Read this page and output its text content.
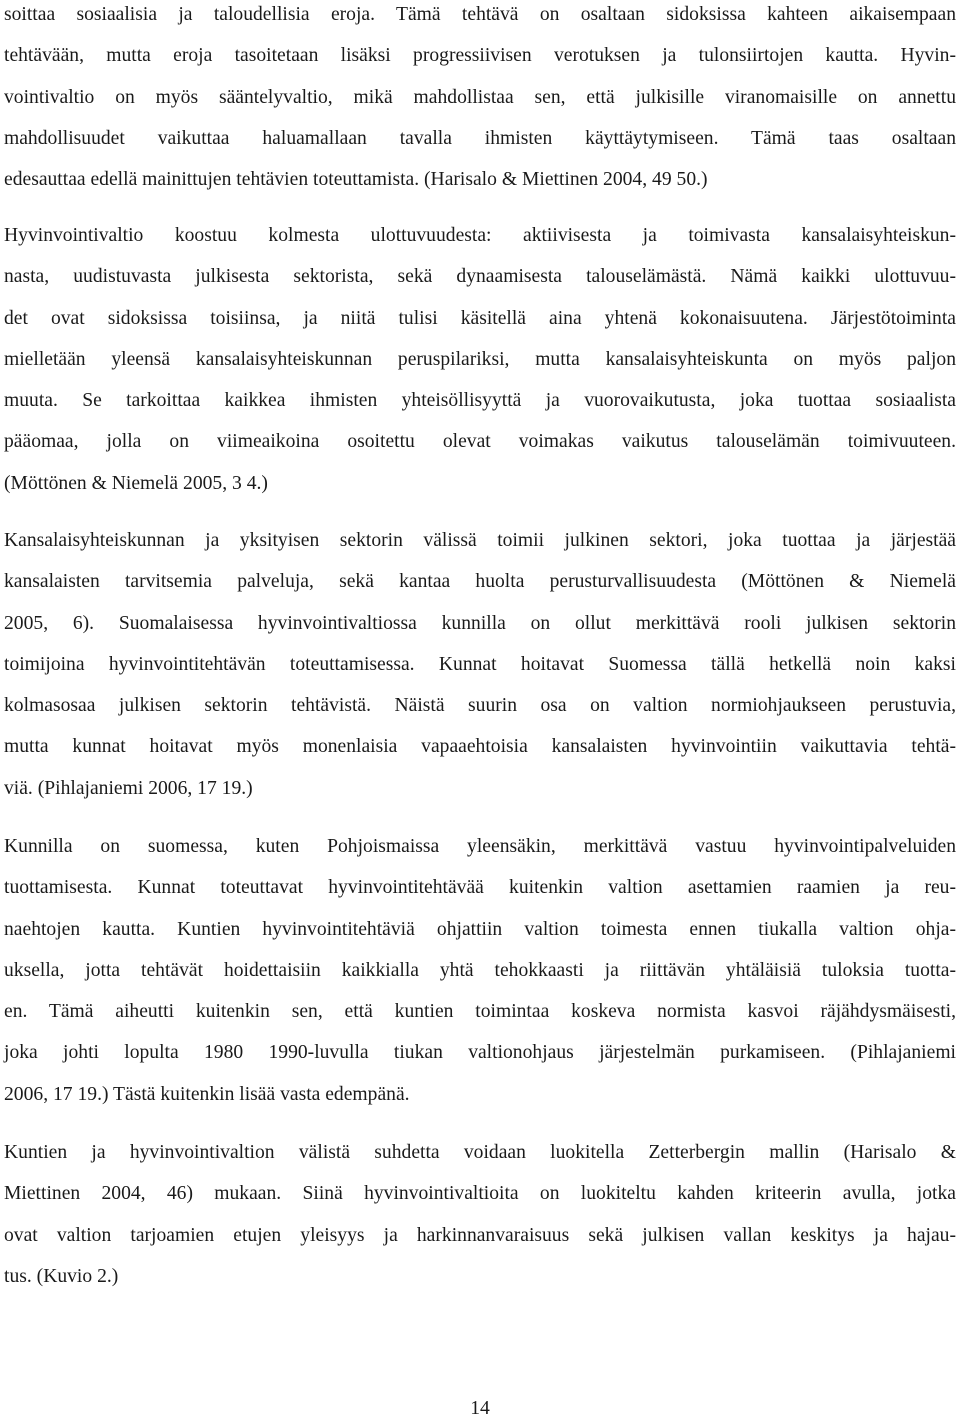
soittaa sosiaalisia ja taloudellisia eroja. Tämä tehtävä on osaltaan sidoksissa kahteen aikaisempaan
tehtävään, mutta eroja tasoitetaan lisäksi progressiivisen verotuksen ja tulonsiirtojen kautta. Hyvin-
vointivaltio on myös sääntelyvaltio, mikä mahdollistaa sen, että julkisille viranomaisille on annettu
mahdollisuudet vaikuttaa haluamallaan tavalla ihmisten käyttäytymiseen. Tämä taas osaltaan
edesauttaa edellä mainittujen tehtävien toteuttamista. (Harisalo & Miettinen 2004, 49 50.)
Hyvinvointivaltio koostuu kolmesta ulottuvuudesta: aktiivisesta ja toimivasta kansalaisyhteiskun-
nasta, uudistuvasta julkisesta sektorista, sekä dynaamisesta talouselämästä. Nämä kaikki ulottuvuu-
det ovat sidoksissa toisiinsa, ja niitä tulisi käsitellä aina yhtenä kokonaisuutena. Järjestötoiminta
mielletään yleensä kansalaisyhteiskunnan peruspilariksi, mutta kansalaisyhteiskunta on myös paljon
muuta. Se tarkoittaa kaikkea ihmisten yhteisöllisyyttä ja vuorovaikutusta, joka tuottaa sosiaalista
pääomaa, jolla on viimeaikoina osoitettu olevat voimakas vaikutus talouselämän toimivuuteen.
(Möttönen & Niemelä 2005, 3 4.)
Kansalaisyhteiskunnan ja yksityisen sektorin välissä toimii julkinen sektori, joka tuottaa ja järjestää
kansalaisten tarvitsemia palveluja, sekä kantaa huolta perusturvallisuudesta (Möttönen & Niemelä
2005, 6). Suomalaisessa hyvinvointivaltiossa kunnilla on ollut merkittävä rooli julkisen sektorin
toimijoina hyvinvointitehtävän toteuttamisessa. Kunnat hoitavat Suomessa tällä hetkellä noin kaksi
kolmasosaa julkisen sektorin tehtävistä. Näistä suurin osa on valtion normiohjaukseen perustuvia,
mutta kunnat hoitavat myös monenlaisia vapaaehtoisia kansalaisten hyvinvointiin vaikuttavia tehtä-
viä. (Pihlajaniemi 2006, 17 19.)
Kunnilla on suomessa, kuten Pohjoismaissa yleensäkin, merkittävä vastuu hyvinvointipalveluiden
tuottamisesta. Kunnat toteuttavat hyvinvointitehtävää kuitenkin valtion asettamien raamien ja reu-
naehtojen kautta. Kuntien hyvinvointitehtäviä ohjattiin valtion toimesta ennen tiukalla valtion ohja-
uksella, jotta tehtävät hoidettaisiin kaikkialla yhtä tehokkaasti ja riittävän yhtäläisiä tuloksia tuotta-
en. Tämä aiheutti kuitenkin sen, että kuntien toimintaa koskeva normista kasvoi räjähdysmäisesti,
joka johti lopulta 1980 1990-luvulla tiukan valtionohjaus järjestelmän purkamiseen. (Pihlajaniemi
2006, 17 19.) Tästä kuitenkin lisää vasta edempänä.
Kuntien ja hyvinvointivaltion välistä suhdetta voidaan luokitella Zetterbergin mallin (Harisalo &
Miettinen 2004, 46) mukaan. Siinä hyvinvointivaltioita on luokiteltu kahden kriteerin avulla, jotka
ovat valtion tarjoamien etujen yleisyys ja harkinnanvaraisuus sekä julkisen vallan keskitys ja hajau-
tus. (Kuvio 2.)
14
